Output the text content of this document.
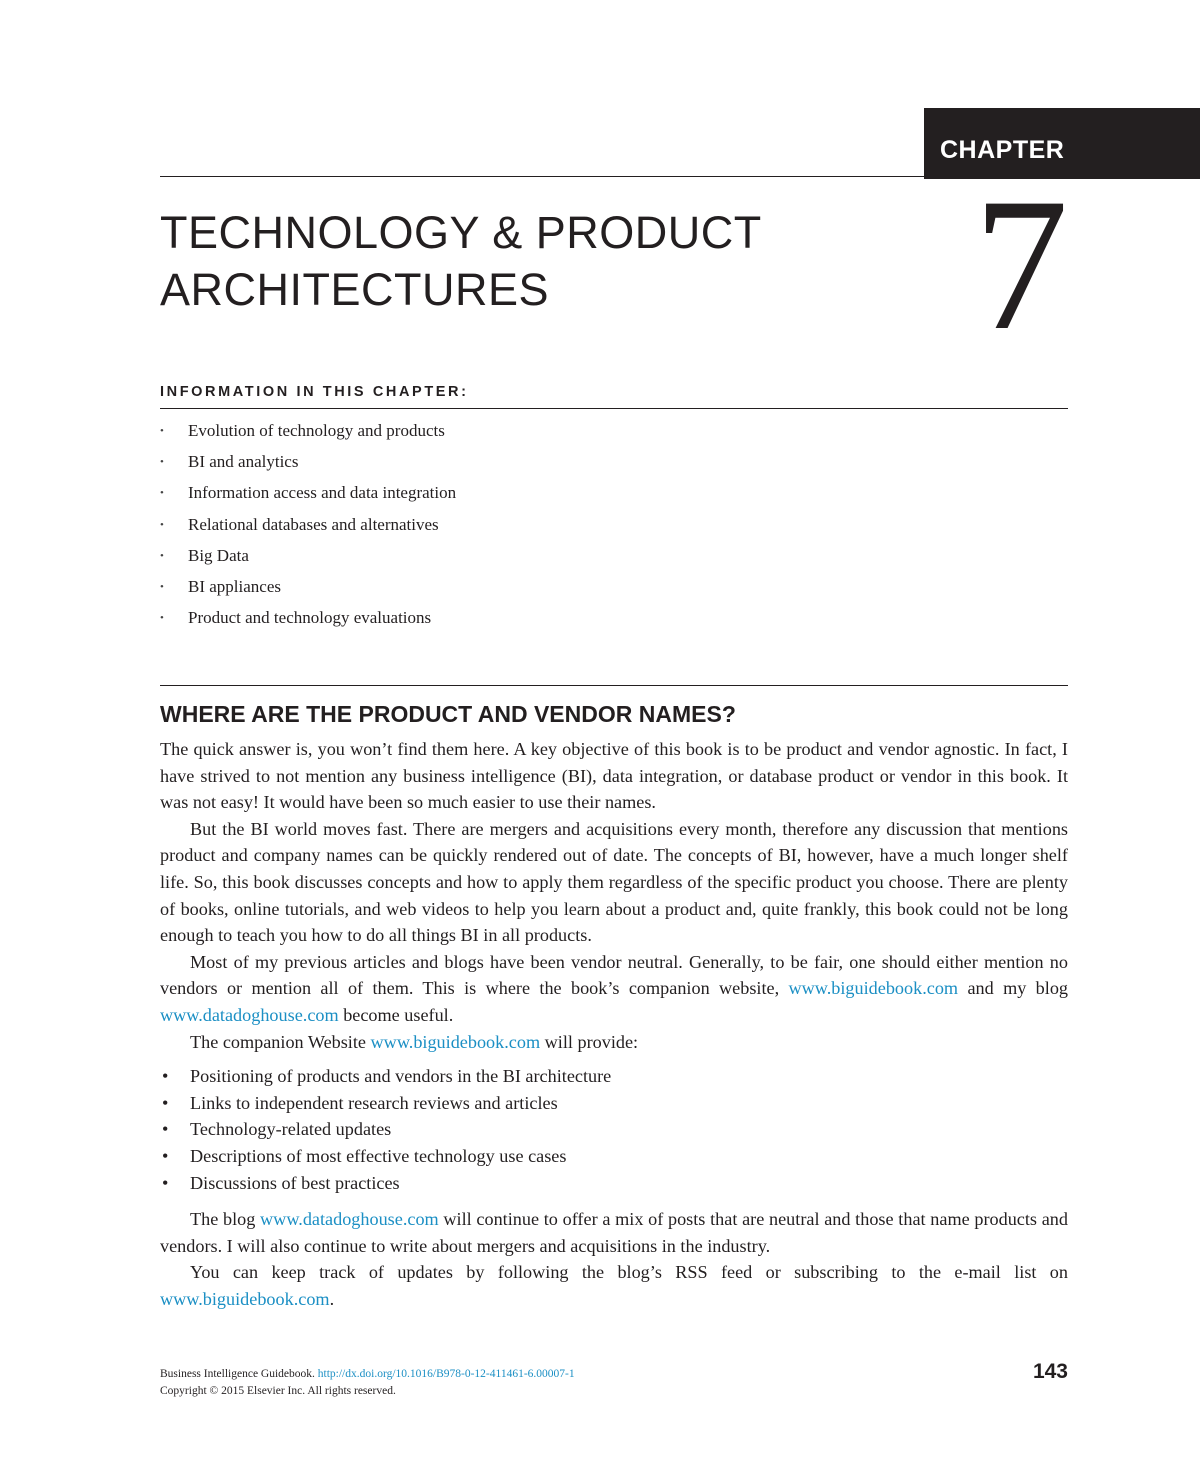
CHAPTER
TECHNOLOGY & PRODUCT
ARCHITECTURES	7
INFORMATION IN THIS CHAPTER:
• Evolution of technology and products
• BI and analytics
• Information access and data integration
• Relational databases and alternatives
• Big Data
• BI appliances
• Product and technology evaluations
WHERE ARE THE PRODUCT AND VENDOR NAMES?

The quick answer is, you won’t find them here. A key objective of this book is to be product and vendor agnostic. In fact, I have strived to not mention any business intelligence (BI), data integration, or database product or vendor in this book. It was not easy! It would have been so much easier to use their names.

But the BI world moves fast. There are mergers and acquisitions every month, therefore any discussion that mentions product and company names can be quickly rendered out of date. The concepts of BI, however, have a much longer shelf life. So, this book discusses concepts and how to apply them regardless of the specific product you choose. There are plenty of books, online tutorials, and web videos to help you learn about a product and, quite frankly, this book could not be long enough to teach you how to do all things BI in all products.

Most of my previous articles and blogs have been vendor neutral. Generally, to be fair, one should either mention no vendors or mention all of them. This is where the book’s companion website, www.biguidebook.com and my blog www.datadoghouse.com become useful.

The companion Website www.biguidebook.com will provide:

• Positioning of products and vendors in the BI architecture
• Links to independent research reviews and articles
• Technology-related updates
• Descriptions of most effective technology use cases
• Discussions of best practices

The blog www.datadoghouse.com will continue to offer a mix of posts that are neutral and those that name products and vendors. I will also continue to write about mergers and acquisitions in the industry.

You can keep track of updates by following the blog’s RSS feed or subscribing to the e-mail list on www.biguidebook.com.

Business Intelligence Guidebook. http://dx.doi.org/10.1016/B978-0-12-411461-6.00007-1
Copyright © 2015 Elsevier Inc. All rights reserved.
143
